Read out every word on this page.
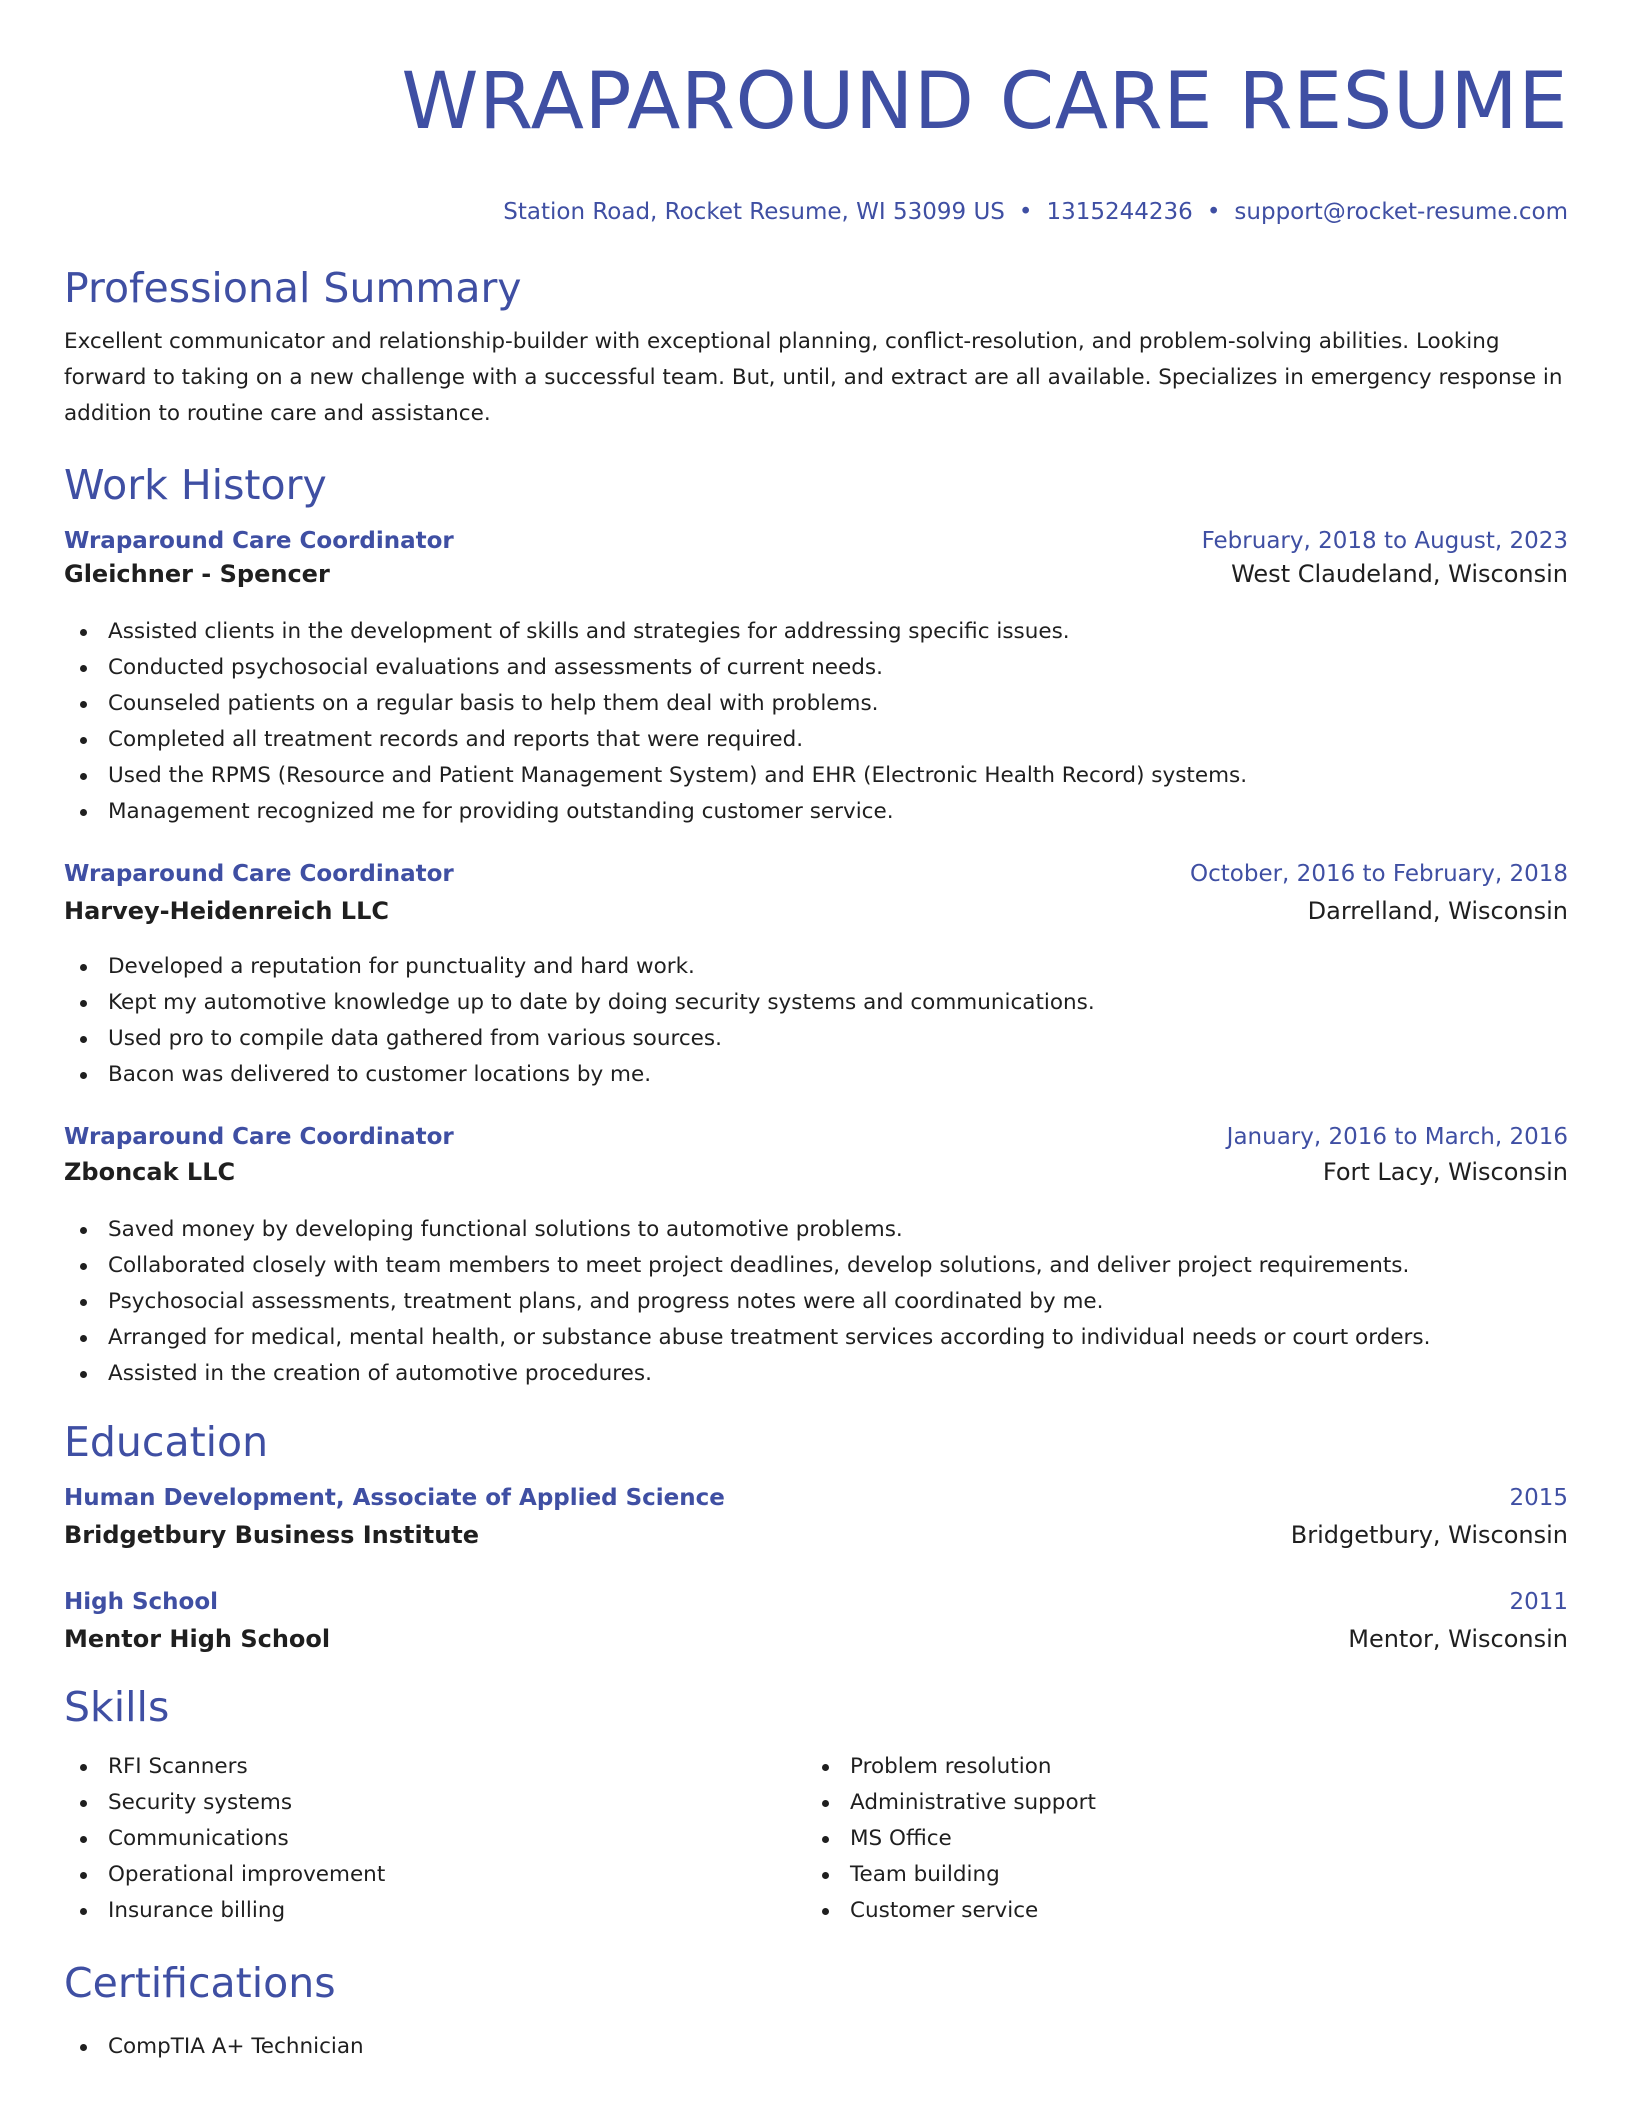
WRAPAROUND CARE RESUME
Station Road, Rocket Resume, WI 53099 US • 1315244236 • support@rocket-resume.com
Professional Summary
Excellent communicator and relationship-builder with exceptional planning, conflict-resolution, and problem-solving abilities. Looking forward to taking on a new challenge with a successful team. But, until, and extract are all available. Specializes in emergency response in addition to routine care and assistance.
Work History
Wraparound Care Coordinator	February, 2018 to August, 2023
Gleichner - Spencer	West Claudeland, Wisconsin
Assisted clients in the development of skills and strategies for addressing specific issues.
Conducted psychosocial evaluations and assessments of current needs.
Counseled patients on a regular basis to help them deal with problems.
Completed all treatment records and reports that were required.
Used the RPMS (Resource and Patient Management System) and EHR (Electronic Health Record) systems.
Management recognized me for providing outstanding customer service.
Wraparound Care Coordinator	October, 2016 to February, 2018
Harvey-Heidenreich LLC	Darrelland, Wisconsin
Developed a reputation for punctuality and hard work.
Kept my automotive knowledge up to date by doing security systems and communications.
Used pro to compile data gathered from various sources.
Bacon was delivered to customer locations by me.
Wraparound Care Coordinator	January, 2016 to March, 2016
Zboncak LLC	Fort Lacy, Wisconsin
Saved money by developing functional solutions to automotive problems.
Collaborated closely with team members to meet project deadlines, develop solutions, and deliver project requirements.
Psychosocial assessments, treatment plans, and progress notes were all coordinated by me.
Arranged for medical, mental health, or substance abuse treatment services according to individual needs or court orders.
Assisted in the creation of automotive procedures.
Education
Human Development, Associate of Applied Science	2015
Bridgetbury Business Institute	Bridgetbury, Wisconsin
High School	2011
Mentor High School	Mentor, Wisconsin
Skills
RFI Scanners
Security systems
Communications
Operational improvement
Insurance billing
Problem resolution
Administrative support
MS Office
Team building
Customer service
Certifications
CompTIA A+ Technician
